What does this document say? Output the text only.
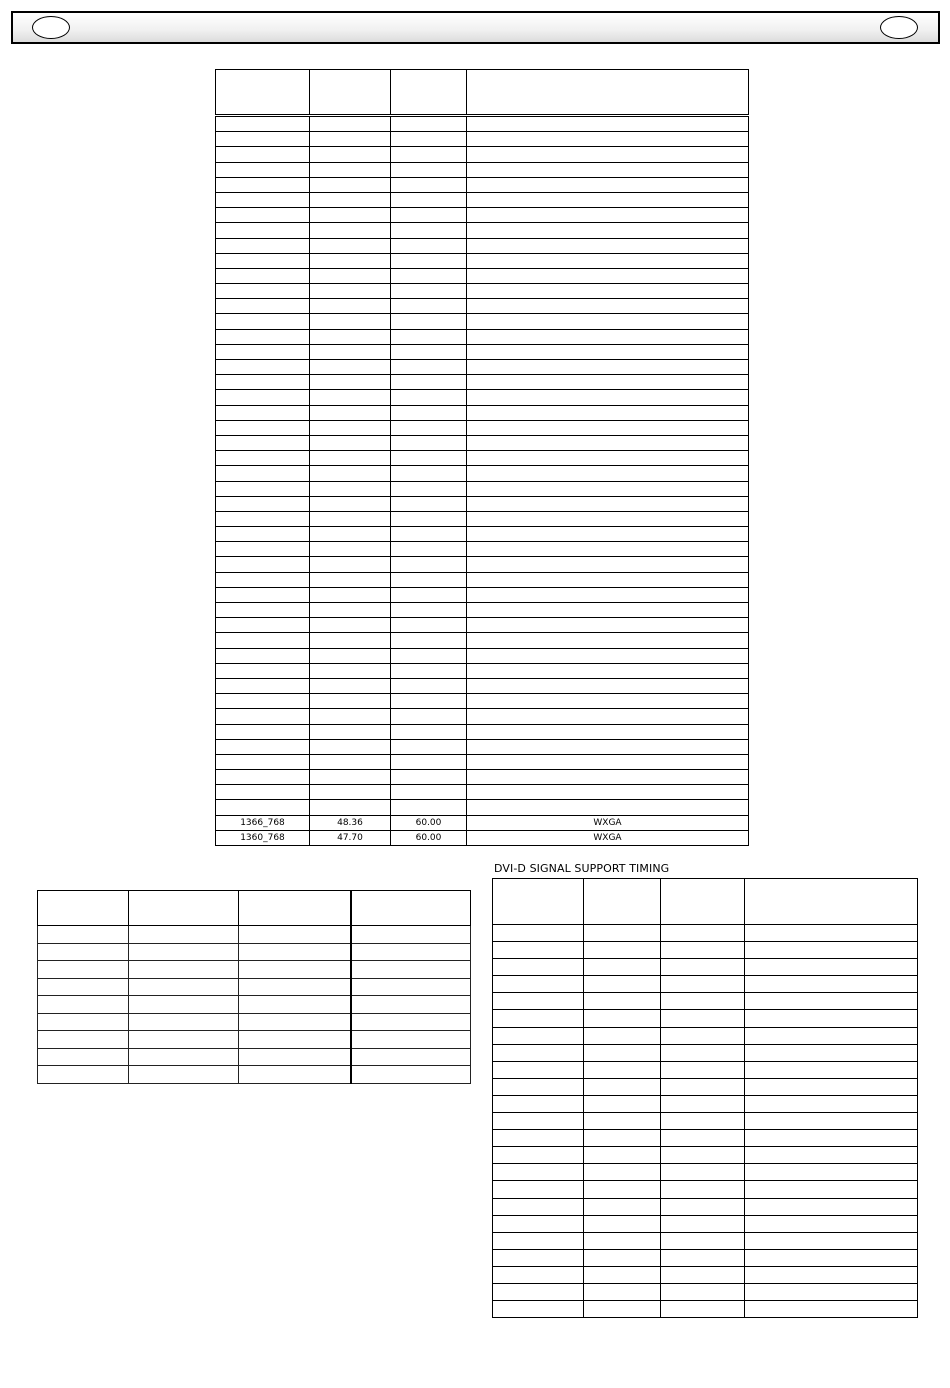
1366_768	48.36	60.00	WXGA
1360_768	47.70	60.00	WXGA

DVI-D SIGNAL SUPPORT TIMING
